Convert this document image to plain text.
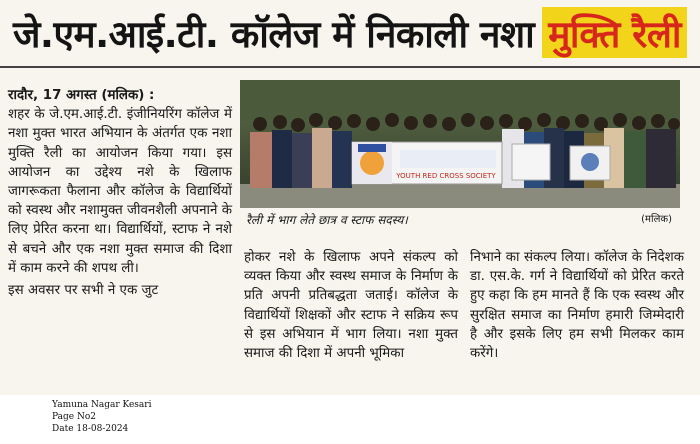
जे.एम.आई.टी. कॉलेज में निकाली नशा मुक्ति रैली

रादौर, 17 अगस्त (मलिक) :

शहर के जे.एम.आई.टी. इंजीनियरिंग कॉलेज में नशा मुक्त भारत अभियान के अंतर्गत एक नशा मुक्ति रैली का आयोजन किया गया। इस आयोजन का उद्देश्य नशे के खिलाफ जागरूकता फैलाना और कॉलेज के विद्यार्थियों को स्वस्थ और नशामुक्त जीवनशैली अपनाने के लिए प्रेरित करना था। विद्यार्थियों, स्टाफ ने नशे से बचने और एक नशा मुक्त समाज की दिशा में काम करने की शपथ ली।

इस अवसर पर सभी ने एक जुट

YOUTH RED CROSS SOCIETY
रैली में भाग लेते छात्र व स्टाफ सदस्य।	(मलिक)

होकर नशे के खिलाफ अपने संकल्प को व्यक्त किया और स्वस्थ समाज के निर्माण के प्रति अपनी प्रतिबद्धता जताई। कॉलेज के विद्यार्थियों शिक्षकों और स्टाफ ने सक्रिय रूप से इस अभियान में भाग लिया। नशा मुक्त समाज की दिशा में अपनी भूमिका

निभाने का संकल्प लिया। कॉलेज के निदेशक डा. एस.के. गर्ग ने विद्यार्थियों को प्रेरित करते हुए कहा कि हम मानते हैं कि एक स्वस्थ और सुरक्षित समाज का निर्माण हमारी जिम्मेदारी है और इसके लिए हम सभी मिलकर काम करेंगे।

Yamuna Nagar Kesari
Page No2
Date 18-08-2024
